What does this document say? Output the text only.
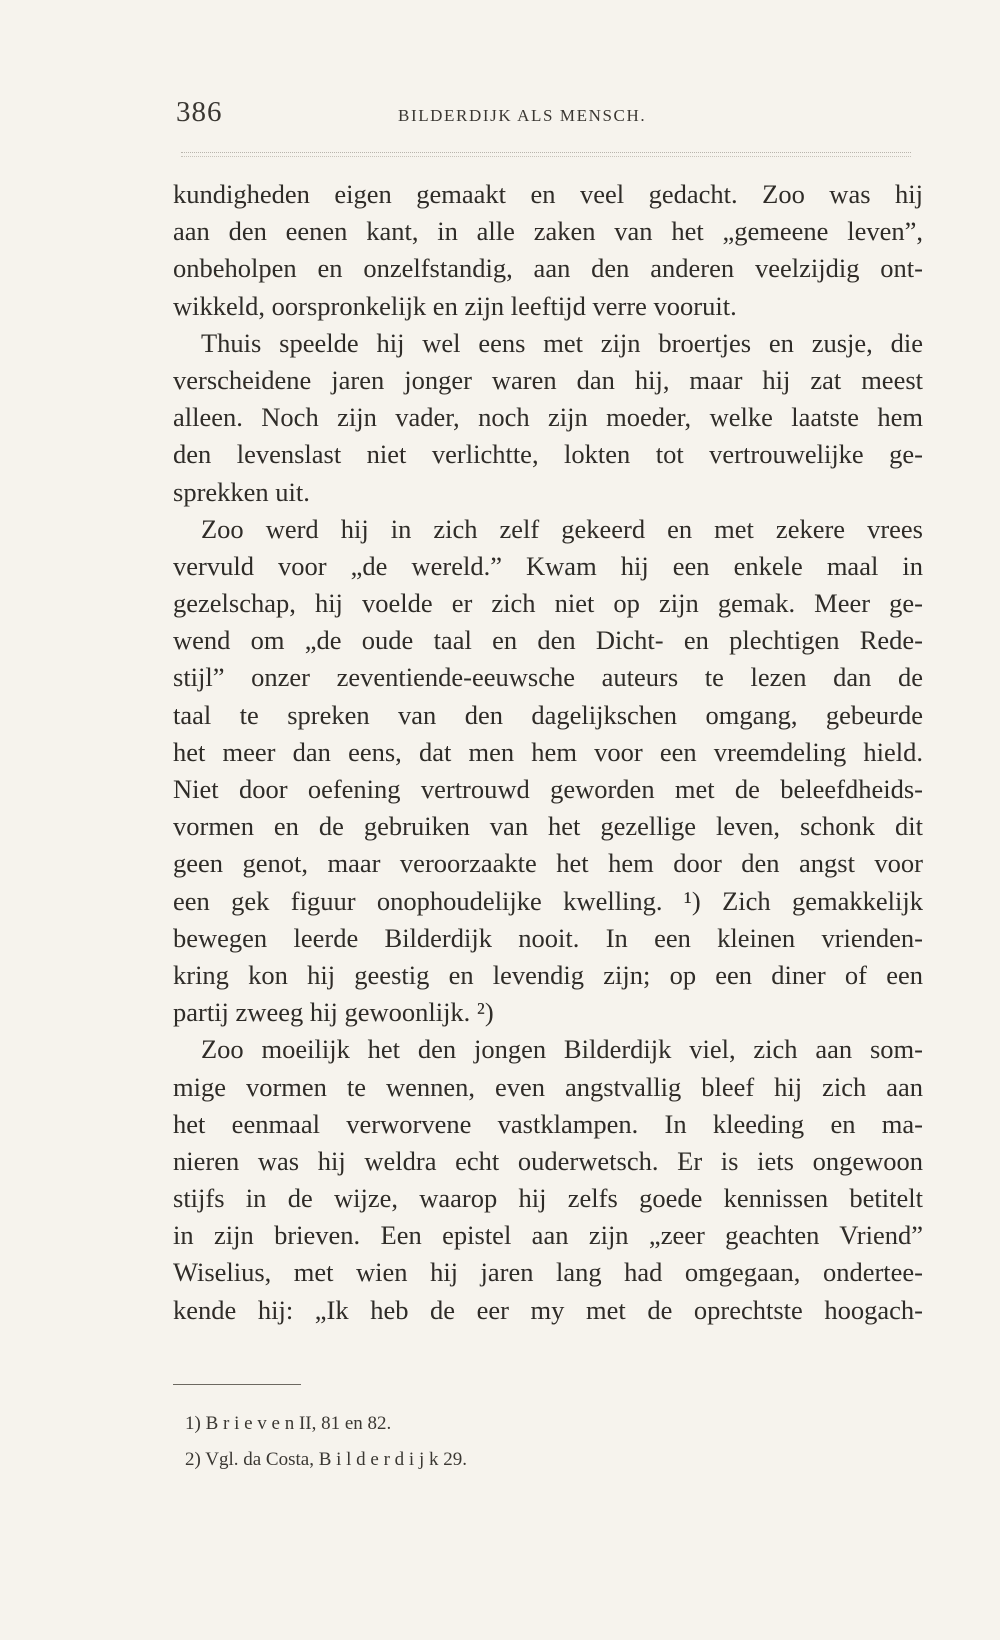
386	BILDERDIJK ALS MENSCH.
kundigheden eigen gemaakt en veel gedacht. Zoo was hij
aan den eenen kant, in alle zaken van het „gemeene leven”,
onbeholpen en onzelfstandig, aan den anderen veelzijdig ont-
wikkeld, oorspronkelijk en zijn leeftijd verre vooruit.
Thuis speelde hij wel eens met zijn broertjes en zusje, die
verscheidene jaren jonger waren dan hij, maar hij zat meest
alleen. Noch zijn vader, noch zijn moeder, welke laatste hem
den levenslast niet verlichtte, lokten tot vertrouwelijke ge-
sprekken uit.
Zoo werd hij in zich zelf gekeerd en met zekere vrees
vervuld voor „de wereld.” Kwam hij een enkele maal in
gezelschap, hij voelde er zich niet op zijn gemak. Meer ge-
wend om „de oude taal en den Dicht- en plechtigen Rede-
stijl” onzer zeventiende-eeuwsche auteurs te lezen dan de
taal te spreken van den dagelijkschen omgang, gebeurde
het meer dan eens, dat men hem voor een vreemdeling hield.
Niet door oefening vertrouwd geworden met de beleefdheids-
vormen en de gebruiken van het gezellige leven, schonk dit
geen genot, maar veroorzaakte het hem door den angst voor
een gek figuur onophoudelijke kwelling. ¹) Zich gemakkelijk
bewegen leerde Bilderdijk nooit. In een kleinen vrienden-
kring kon hij geestig en levendig zijn; op een diner of een
partij zweeg hij gewoonlijk. ²)
Zoo moeilijk het den jongen Bilderdijk viel, zich aan som-
mige vormen te wennen, even angstvallig bleef hij zich aan
het eenmaal verworvene vastklampen. In kleeding en ma-
nieren was hij weldra echt ouderwetsch. Er is iets ongewoon
stijfs in de wijze, waarop hij zelfs goede kennissen betitelt
in zijn brieven. Een epistel aan zijn „zeer geachten Vriend”
Wiselius, met wien hij jaren lang had omgegaan, ondertee-
kende hij: „Ik heb de eer my met de oprechtste hoogach-
1) B r i e v e n II, 81 en 82.
2) Vgl. da Costa, B i l d e r d i j k 29.
